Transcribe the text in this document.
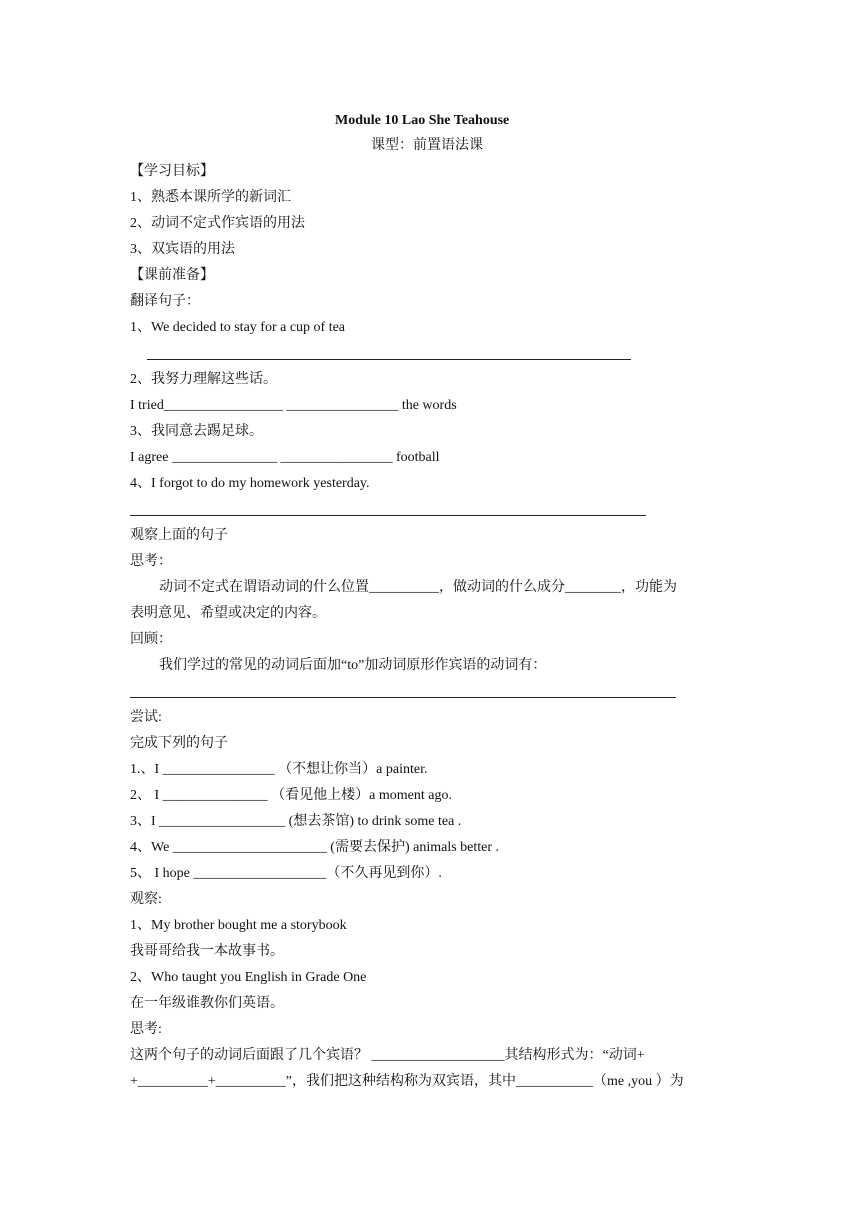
Module 10 Lao She Teahouse
课型：前置语法课
【学习目标】
1、熟悉本课所学的新词汇
2、动词不定式作宾语的用法
3、双宾语的用法
【课前准备】
翻译句子：
1、We decided to stay for a cup of tea
2、我努力理解这些话。
I tried_________________ ________________ the words
3、我同意去踢足球。
I agree _______________ ________________ football
4、I forgot to do my homework yesterday.
观察上面的句子
思考：
动词不定式在谓语动词的什么位置__________，做动词的什么成分________，功能为
表明意见、希望或决定的内容。
回顾：
我们学过的常见的动词后面加“to”加动词原形作宾语的动词有：
尝试:
完成下列的句子
1.、I ________________ （不想让你当）a painter.
2、 I _______________ （看见他上楼）a moment ago.
3、I __________________ (想去茶馆) to drink some tea .
4、We ______________________ (需要去保护) animals better .
5、 I hope ___________________（不久再见到你）.
观察:
1、My brother bought me a storybook
我哥哥给我一本故事书。
2、Who taught you English in Grade One
在一年级谁教你们英语。
思考:
这两个句子的动词后面跟了几个宾语？ ___________________其结构形式为：“动词+
+__________+__________”，我们把这种结构称为双宾语，其中___________（me ,you ）为
